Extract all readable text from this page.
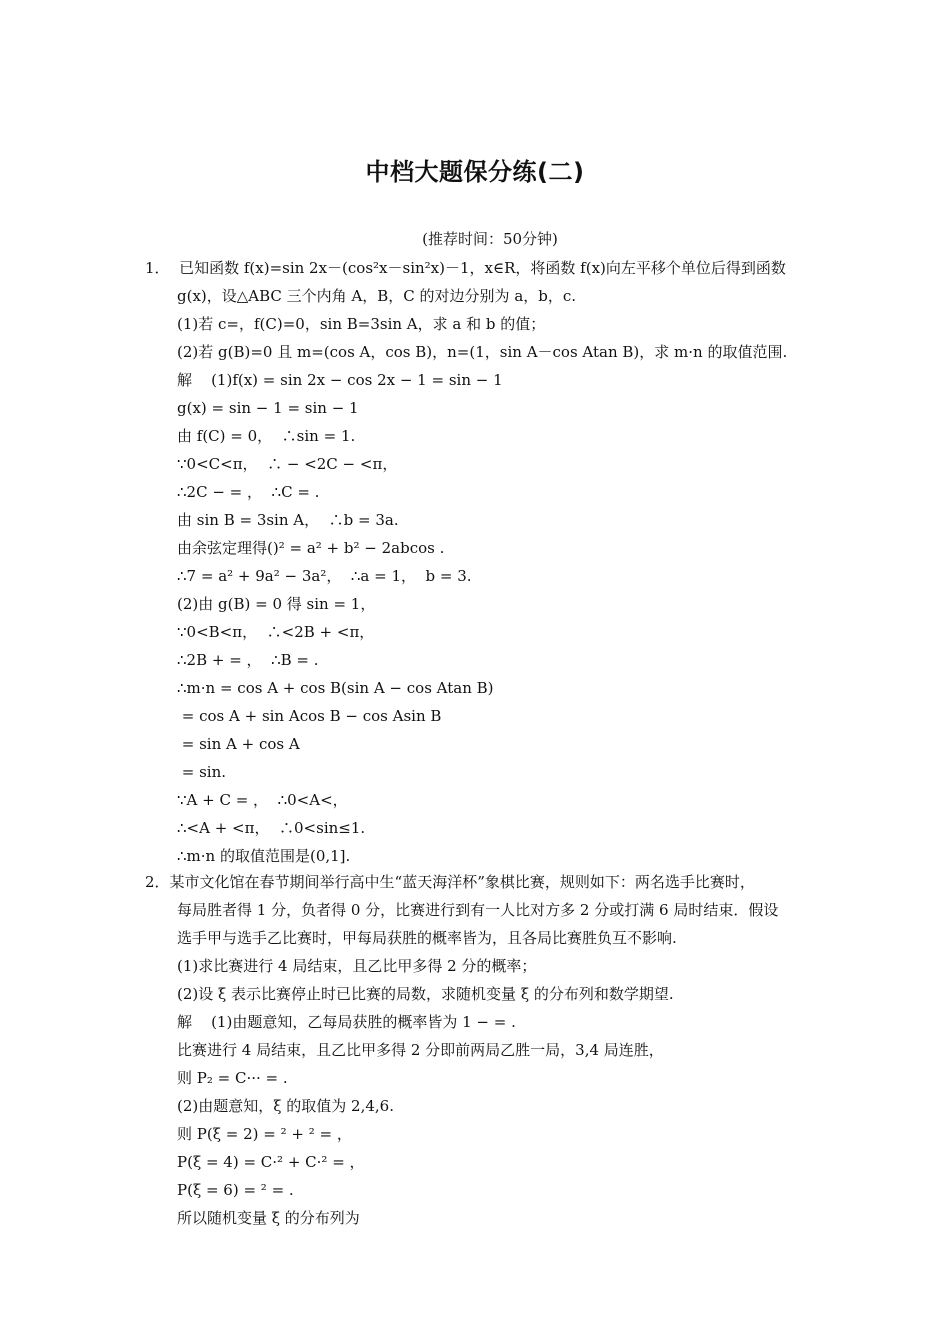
中档大题保分练(二)
(推荐时间：50分钟)
1．  已知函数 f(x)=sin 2x－(cos²x－sin²x)－1，x∈R，将函数 f(x)向左平移个单位后得到函数
g(x)，设△ABC 三个内角 A，B，C 的对边分别为 a，b，c.
(1)若 c=，f(C)=0，sin B=3sin A，求 a 和 b 的值；
(2)若 g(B)=0 且 m=(cos A，cos B)，n=(1，sin A－cos Atan B)，求 m·n 的取值范围.
解    (1)f(x) = sin 2x − cos 2x − 1 = sin − 1
g(x) = sin − 1 = sin − 1
由 f(C) = 0，  ∴sin = 1.
∵0<C<π，  ∴ − <2C − <π，
∴2C − = ，  ∴C = .
由 sin B = 3sin A，  ∴b = 3a.
由余弦定理得()² = a² + b² − 2abcos .
∴7 = a² + 9a² − 3a²，  ∴a = 1，  b = 3.
(2)由 g(B) = 0 得 sin = 1，
∵0<B<π，  ∴<2B + <π，
∴2B + = ，  ∴B = .
∴m·n = cos A + cos B(sin A − cos Atan B)
= cos A + sin Acos B − cos Asin B
= sin A + cos A
= sin.
∵A + C = ，  ∴0<A<，
∴<A + <π，  ∴0<sin≤1.
∴m·n 的取值范围是(0,1].
2．某市文化馆在春节期间举行高中生“蓝天海洋杯”象棋比赛，规则如下：两名选手比赛时，
每局胜者得 1 分，负者得 0 分，比赛进行到有一人比对方多 2 分或打满 6 局时结束．假设
选手甲与选手乙比赛时，甲每局获胜的概率皆为，且各局比赛胜负互不影响.
(1)求比赛进行 4 局结束，且乙比甲多得 2 分的概率；
(2)设 ξ 表示比赛停止时已比赛的局数，求随机变量 ξ 的分布列和数学期望.
解    (1)由题意知，乙每局获胜的概率皆为 1 − = .
比赛进行 4 局结束，且乙比甲多得 2 分即前两局乙胜一局，3,4 局连胜，
则 P₂ = C··· = .
(2)由题意知，ξ 的取值为 2,4,6.
则 P(ξ = 2) = ² + ² = ，
P(ξ = 4) = C·² + C·² = ，
P(ξ = 6) = ² = .
所以随机变量 ξ 的分布列为
